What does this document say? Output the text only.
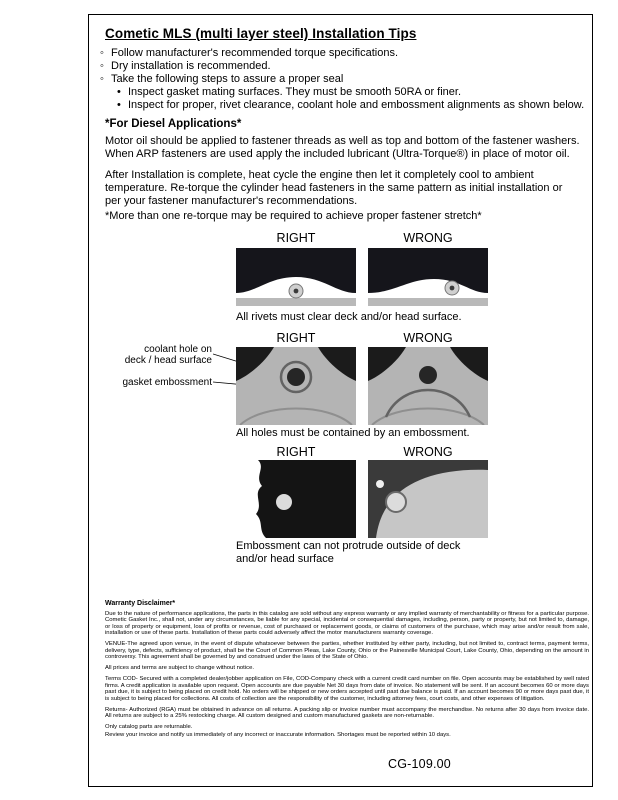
Cometic MLS (multi layer steel) Installation Tips
◦ Follow manufacturer's recommended torque specifications.
◦ Dry installation is recommended.
◦ Take the following steps to assure a proper seal
• Inspect gasket mating surfaces. They must be smooth 50RA or finer.
• Inspect for proper, rivet clearance, coolant hole and embossment alignments as shown below.
*For Diesel Applications*

Motor oil should be applied to fastener threads as well as top and bottom of the fastener washers. When ARP fasteners are used apply the included lubricant (Ultra-Torque®) in place of motor oil.

After Installation is complete, heat cycle the engine then let it completely cool to ambient temperature. Re-torque the cylinder head fasteners in the same pattern as initial installation or per your fastener manufacturer's recommendations.

*More than one re-torque may be required to achieve proper fastener stretch*

RIGHT	WRONG
All rivets must clear deck and/or head surface.
RIGHT	WRONG
coolant hole on
deck / head surface
gasket embossment
All holes must be contained by an embossment.
RIGHT	WRONG
Embossment can not protrude outside of deck
and/or head surface
Warranty Disclaimer*

Due to the nature of performance applications, the parts in this catalog are sold without any express warranty or any implied warranty of merchantability or fitness for a particular purpose. Cometic Gasket Inc., shall not, under any circumstances, be liable for any special, incidental or consequential damages, including, person, party or property, but not limited to, damage, or loss of property or equipment, loss of profits or revenue, cost of purchased or replacement goods, or claims of customers of the purchase, which may arise and/or result from sale, installation or use of these parts. Installation of these parts could adversely affect the motor manufacturers warranty coverage.

VENUE-The agreed upon venue, in the event of dispute whatsoever between the parties, whether instituted by either party, including, but not limited to, contract terms, payment terms, delivery, type, defects, sufficiency of product, shall be the Court of Common Pleas, Lake County, Ohio or the Painesville Municipal Court, Lake County, Ohio, depending on the amount in controversy. This agreement shall be governed by and construed under the laws of the State of Ohio.

All prices and terms are subject to change without notice.

Terms COD- Secured with a completed dealer/jobber application on File, COD-Company check with a current credit card number on file. Open accounts may be established by well rated firms. A credit application is available upon request. Open accounts are due payable Net 30 days from date of invoice. No statement will be sent. If an account becomes 60 or more days past due, it is subject to being placed on credit hold. No orders will be shipped or new orders accepted until past due balance is paid. If an account becomes 90 or more days past due, it is subject to being placed for collections. All costs of collection are the responsibility of the customer, including attorney fees, court costs, and other expenses of litigation.

Returns- Authorized (RGA) must be obtained in advance on all returns. A packing slip or invoice number must accompany the merchandise. No returns after 30 days from invoice date. All returns are subject to a 25% restocking charge. All custom designed and custom manufactured gaskets are non-returnable.

Only catalog parts are returnable.

Review your invoice and notify us immediately of any incorrect or inaccurate information. Shortages must be reported within 10 days.

CG-109.00
